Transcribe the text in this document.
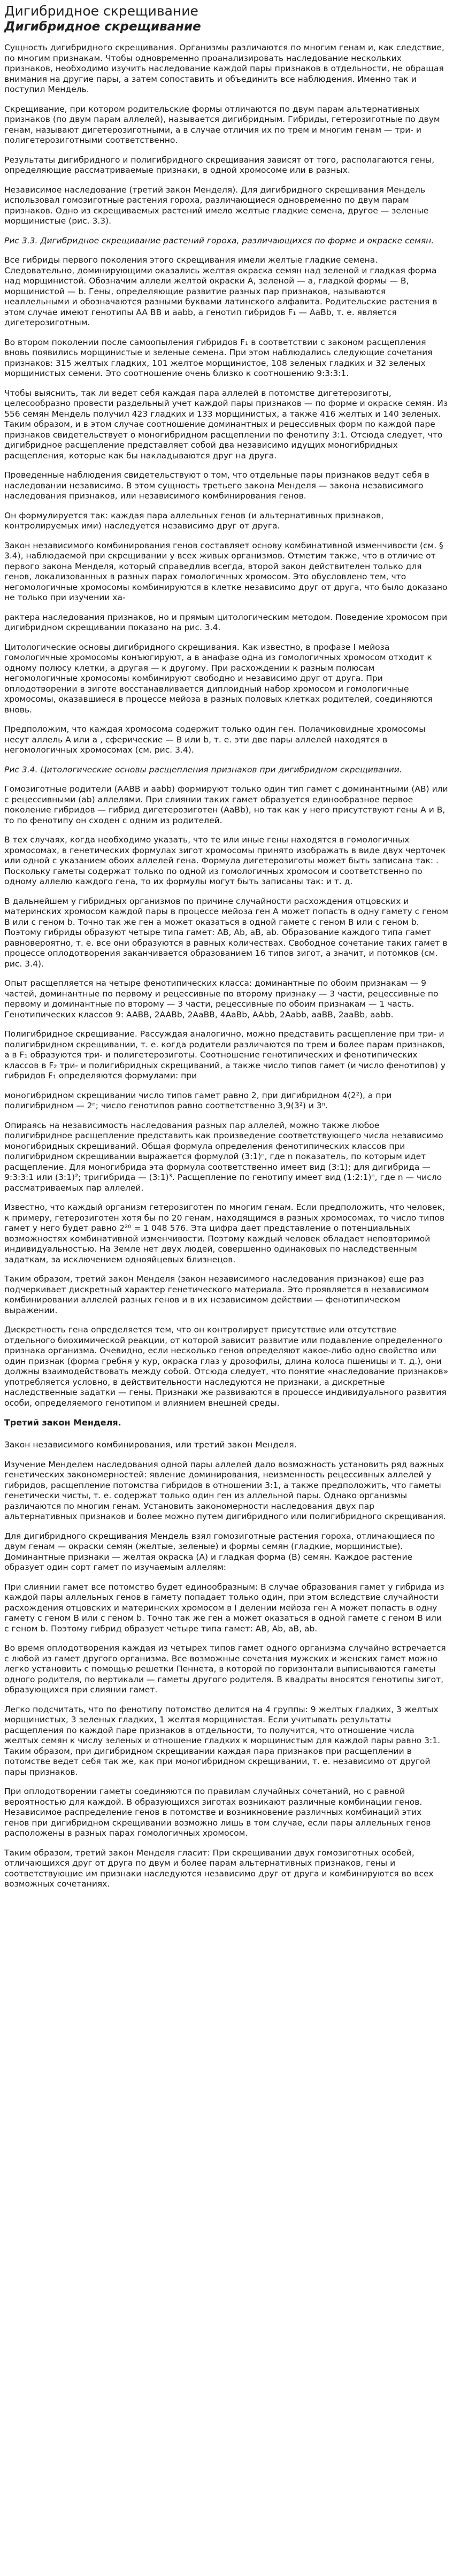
Дигибридное скрещивание
Дигибридное скрещивание

Сущность дигибридного скрещивания. Организмы различаются по многим генам и, как следствие, по многим признакам. Чтобы одновременно проанализировать наследование нескольких признаков, необходимо изучить наследование каждой пары признаков в отдельности, не обращая внимания на другие пары, а затем сопоставить и объединить все наблюдения. Именно так и поступил Мендель.

Скрещивание, при котором родительские формы отличаются по двум парам альтернативных признаков (по двум парам аллелей), называется дигибридным. Гибриды, гетерозиготные по двум генам, называют дигетерозиготными, а в случае отличия их по трем и многим генам — три- и полигетерозиготными соответственно.

Результаты дигибридного и полигибридного скрещивания зависят от того, располагаются гены, определяющие рассматриваемые признаки, в одной хромосоме или в разных.

Независимое наследование (третий закон Менделя). Для дигибридного скрещивания Мендель использовал гомозиготные растения гороха, различающиеся одновременно по двум парам признаков. Одно из скрещиваемых растений имело желтые гладкие семена, другое — зеленые морщинистые (рис. 3.3).

Рис 3.3. Дигибридное скрещивание растений гороха, различающихся по форме и окраске семян.

Все гибриды первого поколения этого скрещивания имели желтые гладкие семена. Следовательно, доминирующими оказались желтая окраска семян над зеленой и гладкая форма над морщинистой. Обозначим аллели желтой окраски А, зеленой — а, гладкой формы — В, морщинистой — b. Гены, определяющие развитие разных пар признаков, называются неаллельными и обозначаются разными буквами латинского алфавита. Родительские растения в этом случае имеют генотипы AA BB и aabb, а генотип гибридов F₁ — AaBb, т. е. является дигетерозиготным.

Во втором поколении после самоопыления гибридов F₁ в соответствии с законом расщепления вновь появились морщинистые и зеленые семена. При этом наблюдались следующие сочетания признаков: 315 желтых гладких, 101 желтое морщинистое, 108 зеленых гладких и 32 зеленых морщинистых семени. Это соотношение очень близко к соотношению 9:3:3:1.

Чтобы выяснить, так ли ведет себя каждая пара аллелей в потомстве дигетерозиготы, целесообразно провести раздельный учет каждой пары признаков — по форме и окраске семян. Из 556 семян Мендель получил 423 гладких и 133 морщинистых, а также 416 желтых и 140 зеленых. Таким образом, и в этом случае соотношение доминантных и рецессивных форм по каждой паре признаков свидетельствует о моногибридном расщеплении по фенотипу 3:1. Отсюда следует, что дигибридное расщепление представляет собой два независимо идущих моногибридных расщепления, которые как бы накладываются друг на друга.

Проведенные наблюдения свидетельствуют о том, что отдельные пары признаков ведут себя в наследовании независимо. В этом сущность третьего закона Менделя — закона независимого наследования признаков, или независимого комбинирования генов.

Он формулируется так: каждая пара аллельных генов (и альтернативных признаков, контролируемых ими) наследуется независимо друг от друга.

Закон независимого комбинирования генов составляет основу комбинативной изменчивости (см. § 3.4), наблюдаемой при скрещивании у всех живых организмов. Отметим также, что в отличие от первого закона Менделя, который справедлив всегда, второй закон действителен только для генов, локализованных в разных парах гомологичных хромосом. Это обусловлено тем, что негомологичные хромосомы комбинируются в клетке независимо друг от друга, что было доказано не только при изучении ха-

рактера наследования признаков, но и прямым цитологическим методом. Поведение хромосом при дигибридном скрещивании показано на рис. 3.4.

Цитологические основы дигибридного скрещивания. Как известно, в профазе I мейоза гомологичные хромосомы конъюгируют, а в анафазе одна из гомологичных хромосом отходит к одному полюсу клетки, а другая — к другому. При расхождении к разным полюсам негомологичные хромосомы комбинируют свободно и независимо друг от друга. При оплодотворении в зиготе восстанавливается диплоидный набор хромосом и гомологичные хромосомы, оказавшиеся в процессе мейоза в разных половых клетках родителей, соединяются вновь.

Предположим, что каждая хромосома содержит только один ген. Полачиковидные хромосомы несут аллель А или а , сферические — В или b, т. е. эти две пары аллелей находятся в негомологичных хромосомах (см. рис. 3.4).

Рис 3.4. Цитологические основы расщепления признаков при дигибридном скрещивании.

Гомозиготные родители (AABB и aabb) формируют только один тип гамет с доминантными (AB) или с рецессивными (ab) аллелями. При слиянии таких гамет образуется единообразное первое поколение гибридов — гибрид дигетерозиготен (AaBb), но так как у него присутствуют гены А и В, то по фенотипу он сходен с одним из родителей.

В тех случаях, когда необходимо указать, что те или иные гены находятся в гомологичных хромосомах, в генетических формулах зигот хромосомы принято изображать в виде двух черточек или одной с указанием обоих аллелей гена. Формула дигетерозиготы может быть записана так: . Поскольку гаметы содержат только по одной из гомологичных хромосом и соответственно по одному аллелю каждого гена, то их формулы могут быть записаны так: и т. д.

В дальнейшем у гибридных организмов по причине случайности расхождения отцовских и материнских хромосом каждой пары в процессе мейоза ген А может попасть в одну гамету с геном В или с геном b. Точно так же ген а может оказаться в одной гамете с геном В или с геном b. Поэтому гибриды образуют четыре типа гамет: АВ, Аb, аВ, аb. Образование каждого типа гамет равновероятно, т. е. все они образуются в равных количествах. Свободное сочетание таких гамет в процессе оплодотворения заканчивается образованием 16 типов зигот, а значит, и потомков (см. рис. 3.4).

Опыт расщепляется на четыре фенотипических класса: доминантные по обоим признакам — 9 частей, доминантные по первому и рецессивные по второму признаку — 3 части, рецессивные по первому и доминантные по второму — 3 части, рецессивные по обоим признакам — 1 часть. Генотипических классов 9: AABB, 2AABb, 2AaBB, 4AaBb, AAbb, 2Aabb, aaBB, 2aaBb, aabb.

Полигибридное скрещивание. Рассуждая аналогично, можно представить расщепление при три- и полигибридном скрещивании, т. е. когда родители различаются по трем и более парам признаков, а в F₁ образуются три- и полигетерозиготы. Соотношение генотипических и фенотипических классов в F₂ три- и полигибридных скрещиваний, а также число типов гамет (и число фенотипов) у гибридов F₁ определяются формулами: при

моногибридном скрещивании число типов гамет равно 2, при дигибридном 4(2²), а при полигибридном — 2ⁿ; число генотипов равно соответственно 3,9(3²) и 3ⁿ.

Опираясь на независимость наследования разных пар аллелей, можно также любое полигибридное расщепление представить как произведение соответствующего числа независимо моногибридных скрещиваний. Общая формула определения фенотипических классов при полигибридном скрещивании выражается формулой (3:1)ⁿ, где n показатель, по которым идет расщепление. Для моногибрида эта формула соответственно имеет вид (3:1); для дигибрида — 9:3:3:1 или (3:1)²; тригибрида — (3:1)³. Расщепление по генотипу имеет вид (1:2:1)ⁿ, где n — число рассматриваемых пар аллелей.

Известно, что каждый организм гетерозиготен по многим генам. Если предположить, что человек, к примеру, гетерозиготен хотя бы по 20 генам, находящимся в разных хромосомах, то число типов гамет у него будет равно 2²⁰ = 1 048 576. Эта цифра дает представление о потенциальных возможностях комбинативной изменчивости. Поэтому каждый человек обладает неповторимой индивидуальностью. На Земле нет двух людей, совершенно одинаковых по наследственным задаткам, за исключением однояйцевых близнецов.

Таким образом, третий закон Менделя (закон независимого наследования признаков) еще раз подчеркивает дискретный характер генетического материала. Это проявляется в независимом комбинировании аллелей разных генов и в их независимом действии — фенотипическом выражении.

Дискретность гена определяется тем, что он контролирует присутствие или отсутствие отдельного биохимической реакции, от которой зависит развитие или подавление определенного признака организма. Очевидно, если несколько генов определяют какое-либо одно свойство или один признак (форма гребня у кур, окраска глаз у дрозофилы, длина колоса пшеницы и т. д.), они должны взаимодействовать между собой. Отсюда следует, что понятие «наследование признаков» употребляется условно, в действительности наследуются не признаки, а дискретные наследственные задатки — гены. Признаки же развиваются в процессе индивидуального развития особи, определяемого генотипом и влиянием внешней среды.

Третий закон Менделя.

Закон независимого комбинирования, или третий закон Менделя.

Изучение Менделем наследования одной пары аллелей дало возможность установить ряд важных генетических закономерностей: явление доминирования, неизменность рецессивных аллелей у гибридов, расщепление потомства гибридов в отношении 3:1, а также предположить, что гаметы генетически чисты, т. е. содержат только один ген из аллельной пары. Однако организмы различаются по многим генам. Установить закономерности наследования двух пар альтернативных признаков и более можно путем дигибридного или полигибридного скрещивания.

Для дигибридного скрещивания Мендель взял гомозиготные растения гороха, отличающиеся по двум генам — окраски семян (желтые, зеленые) и формы семян (гладкие, морщинистые). Доминантные признаки — желтая окраска (А) и гладкая форма (В) семян. Каждое растение образует один сорт гамет по изучаемым аллелям:

При слиянии гамет все потомство будет единообразным: В случае образования гамет у гибрида из каждой пары аллельных генов в гамету попадает только один, при этом вследствие случайности расхождения отцовских и материнских хромосом в I делении мейоза ген А может попасть в одну гамету с геном B или с геном b. Точно так же ген а может оказаться в одной гамете с геном B или с геном b. Поэтому гибрид образует четыре типа гамет: АВ, Аb, аВ, аb.

Во время оплодотворения каждая из четырех типов гамет одного организма случайно встречается с любой из гамет другого организма. Все возможные сочетания мужских и женских гамет можно легко установить с помощью решетки Пеннета, в которой по горизонтали выписываются гаметы одного родителя, по вертикали — гаметы другого родителя. В квадраты вносятся генотипы зигот, образующихся при слиянии гамет.

Легко подсчитать, что по фенотипу потомство делится на 4 группы: 9 желтых гладких, 3 желтых морщинистых, 3 зеленых гладких, 1 желтая морщинистая. Если учитывать результаты расщепления по каждой паре признаков в отдельности, то получится, что отношение числа желтых семян к числу зеленых и отношение гладких к морщинистым для каждой пары равно 3:1. Таким образом, при дигибридном скрещивании каждая пара признаков при расщеплении в потомстве ведет себя так же, как при моногибридном скрещивании, т. е. независимо от другой пары признаков.

При оплодотворении гаметы соединяются по правилам случайных сочетаний, но с равной вероятностью для каждой. В образующихся зиготах возникают различные комбинации генов. Независимое распределение генов в потомстве и возникновение различных комбинаций этих генов при дигибридном скрещивании возможно лишь в том случае, если пары аллельных генов расположены в разных парах гомологичных хромосом.

Таким образом, третий закон Менделя гласит: При скрещивании двух гомозиготных особей, отличающихся друг от друга по двум и более парам альтернативных признаков, гены и соответствующие им признаки наследуются независимо друг от друга и комбинируются во всех возможных сочетаниях.
